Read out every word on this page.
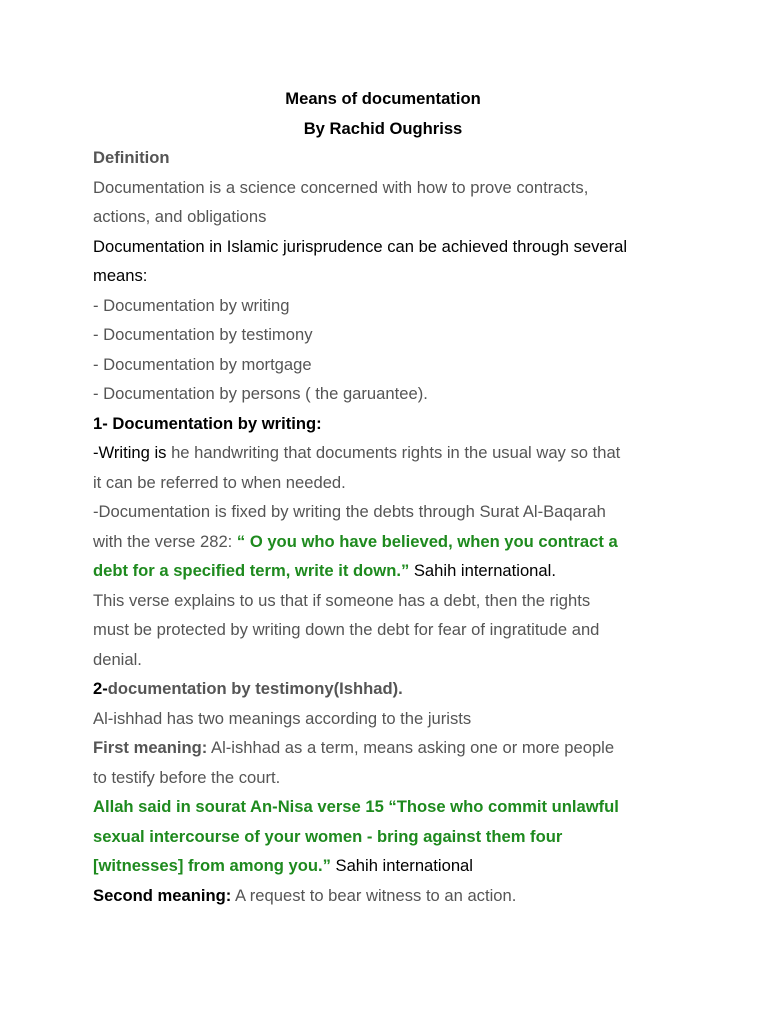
Means of documentation
By Rachid Oughriss
Definition
Documentation is a science concerned with how to prove contracts,
actions, and obligations
Documentation in Islamic jurisprudence can be achieved through several
means:
- Documentation by writing
- Documentation by testimony
- Documentation by mortgage
- Documentation by persons ( the garuantee).
1- Documentation by writing:
-Writing is he handwriting that documents rights in the usual way so that
it can be referred to when needed.
-Documentation is fixed by writing the debts through Surat Al-Baqarah
with the verse 282: “ O you who have believed, when you contract a
debt for a specified term, write it down.” Sahih international.
This verse explains to us that if someone has a debt, then the rights
must be protected by writing down the debt for fear of ingratitude and
denial.
2-documentation by testimony(Ishhad).
Al-ishhad has two meanings according to the jurists
First meaning: Al-ishhad as a term, means asking one or more people
to testify before the court.
Allah said in sourat An-Nisa verse 15 “Those who commit unlawful
sexual intercourse of your women - bring against them four
[witnesses] from among you.” Sahih international
Second meaning: A request to bear witness to an action.
